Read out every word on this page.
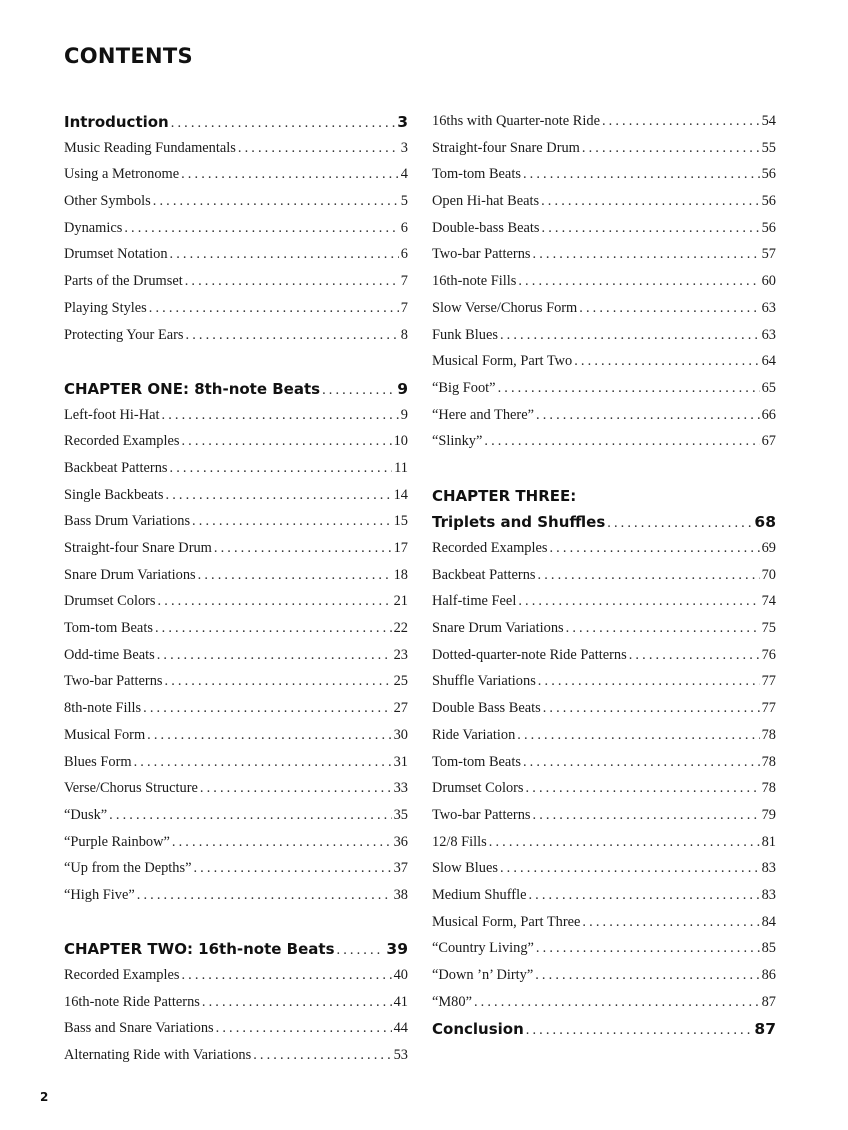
CONTENTS
Introduction . . .	3
Music Reading Fundamentals . . .	3
Using a Metronome . . .	4
Other Symbols . . .	5
Dynamics . . .	6
Drumset Notation . . .	6
Parts of the Drumset . . .	7
Playing Styles . . .	7
Protecting Your Ears . . .	8
CHAPTER ONE: 8th-note Beats . . .	9
Left-foot Hi-Hat . . .	9
Recorded Examples . . .	10
Backbeat Patterns . . .	11
Single Backbeats . . .	14
Bass Drum Variations . . .	15
Straight-four Snare Drum . . .	17
Snare Drum Variations . . .	18
Drumset Colors . . .	21
Tom-tom Beats . . .	22
Odd-time Beats . . .	23
Two-bar Patterns . . .	25
8th-note Fills . . .	27
Musical Form . . .	30
Blues Form . . .	31
Verse/Chorus Structure . . .	33
“Dusk” . . .	35
“Purple Rainbow” . . .	36
“Up from the Depths” . . .	37
“High Five” . . .	38
CHAPTER TWO: 16th-note Beats . . .	39
Recorded Examples . . .	40
16th-note Ride Patterns . . .	41
Bass and Snare Variations . . .	44
Alternating Ride with Variations . . .	53
16ths with Quarter-note Ride . . .	54
Straight-four Snare Drum . . .	55
Tom-tom Beats . . .	56
Open Hi-hat Beats . . .	56
Double-bass Beats . . .	56
Two-bar Patterns . . .	57
16th-note Fills . . .	60
Slow Verse/Chorus Form . . .	63
Funk Blues . . .	63
Musical Form, Part Two . . .	64
“Big Foot” . . .	65
“Here and There” . . .	66
“Slinky” . . .	67
CHAPTER THREE:
Triplets and Shuffles . . .	68
Recorded Examples . . .	69
Backbeat Patterns . . .	70
Half-time Feel . . .	74
Snare Drum Variations . . .	75
Dotted-quarter-note Ride Patterns . . .	76
Shuffle Variations . . .	77
Double Bass Beats . . .	77
Ride Variation . . .	78
Tom-tom Beats . . .	78
Drumset Colors . . .	78
Two-bar Patterns . . .	79
12/8 Fills . . .	81
Slow Blues . . .	83
Medium Shuffle . . .	83
Musical Form, Part Three . . .	84
“Country Living” . . .	85
“Down ’n’ Dirty” . . .	86
“M80” . . .	87
Conclusion . . .	87
2
